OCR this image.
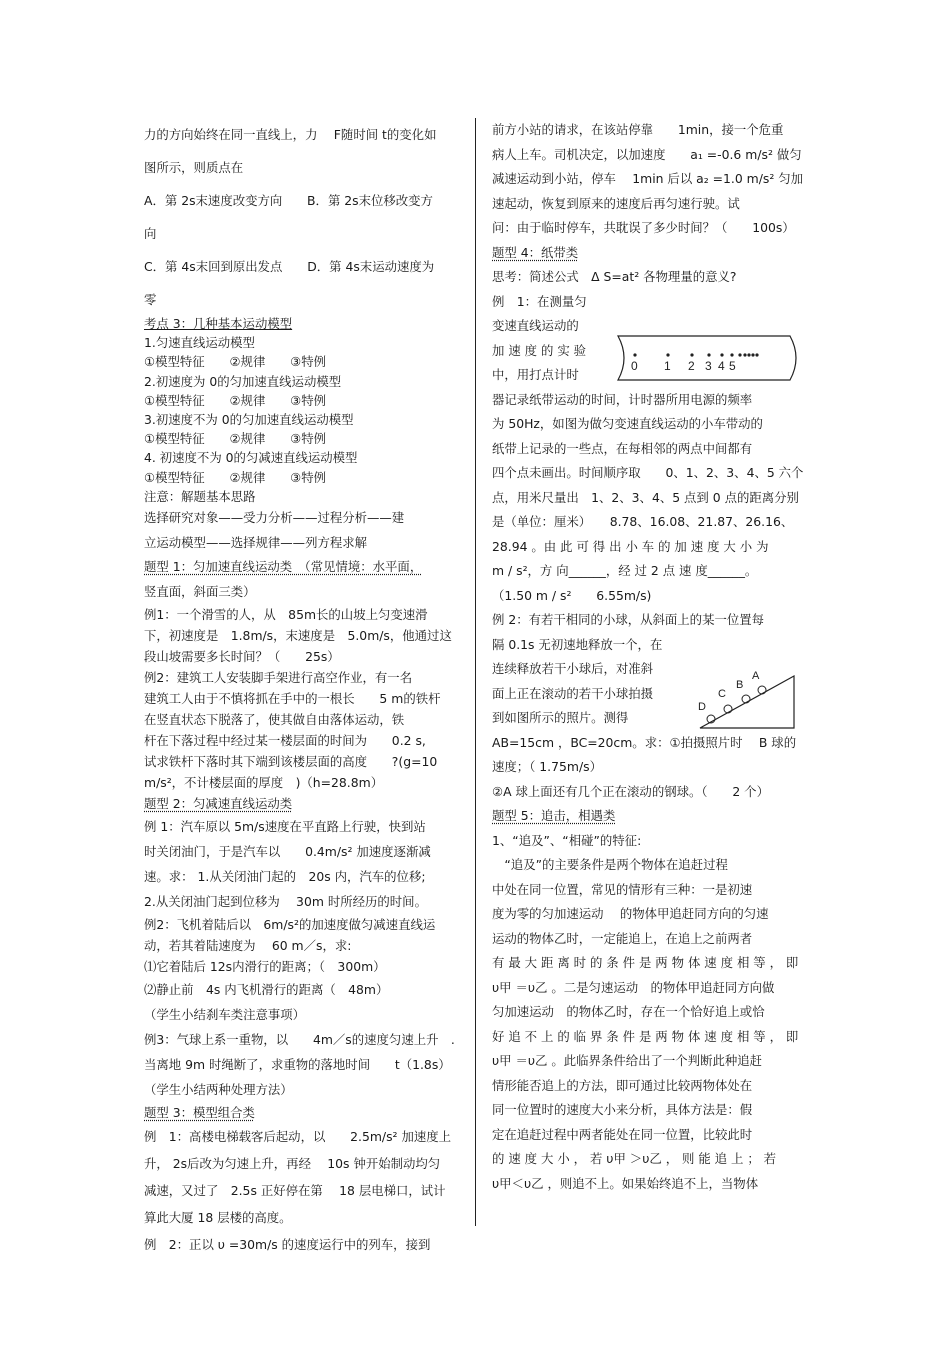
力的方向始终在同一直线上，力　 F随时间 t的变化如

图所示，则质点在

A．第 2s末速度改变方向　　B．第 2s末位移改变方

向

C．第 4s末回到原出发点　　D．第 4s末运动速度为

零

考点 3：几种基本运动模型

1.匀速直线运动模型

①模型特征　　②规律　　③特例

2.初速度为 0的匀加速直线运动模型

①模型特征　　②规律　　③特例

3.初速度不为 0的匀加速直线运动模型

①模型特征　　②规律　　③特例

4. 初速度不为 0的匀减速直线运动模型

①模型特征　　②规律　　③特例

注意：解题基本思路

选择研究对象——受力分析——过程分析——建

立运动模型——选择规律——列方程求解

题型 1：匀加速直线运动类　（常见情境：水平面，

竖直面，斜面三类）

例1：一个滑雪的人，从　85m长的山坡上匀变速滑

下，初速度是　1.8m/s，末速度是　5.0m/s，他通过这

段山坡需要多长时间？（　　25s）

例2：建筑工人安装脚手架进行高空作业，有一名

建筑工人由于不慎将抓在手中的一根长　　5 m的铁杆

在竖直状态下脱落了，使其做自由落体运动，铁

杆在下落过程中经过某一楼层面的时间为　　0.2 s,

试求铁杆下落时其下端到该楼层面的高度　　?(g=10

m/s²，不计楼层面的厚度　)（h=28.8m）

题型 2：匀减速直线运动类

例 1：汽车原以 5m/s速度在平直路上行驶，快到站

时关闭油门，于是汽车以　　0.4m/s² 加速度逐渐减

速。求： 1.从关闭油门起的　20s 内，汽车的位移;

2.从关闭油门起到位移为　 30m 时所经历的时间。

例2：飞机着陆后以　6m/s²的加速度做匀减速直线运

动，若其着陆速度为　 60 m／s，求:

⑴它着陆后 12s内滑行的距离；（　300m）

⑵静止前　4s 内飞机滑行的距离（　48m）

（学生小结刹车类注意事项）

例3：气球上系一重物，以　　4m／s的速度匀速上升　.

当离地 9m 时绳断了，求重物的落地时间　　t（1.8s）

（学生小结两种处理方法）

题型 3：模型组合类

例　1：高楼电梯载客后起动，以　　2.5m/s² 加速度上

升， 2s后改为匀速上升，再经　 10s 钟开始制动均匀

减速，又过了　2.5s 正好停在第　 18 层电梯口，试计

算此大厦 18 层楼的高度。

例　2：正以 υ =30m/s 的速度运行中的列车，接到

前方小站的请求，在该站停靠　　1min，接一个危重

病人上车。司机决定，以加速度　　a₁ =-0.6 m/s² 做匀

减速运动到小站，停车　 1min 后以 a₂ =1.0 m/s² 匀加

速起动，恢复到原来的速度后再匀速行驶。试

问：由于临时停车，共耽误了多少时间？（　　100s）

题型 4：纸带类

思考：简述公式　Δ S=at² 各物理量的意义?

例　1：在测量匀

变速直线运动的

加 速 度 的 实 验

中，用打点计时

器记录纸带运动的时间，计时器所用电源的频率

为 50Hz，如图为做匀变速直线运动的小车带动的

纸带上记录的一些点，在每相邻的两点中间都有

四个点未画出。时间顺序取　　0、1、2、3、4、5 六个

点，用米尺量出　1、2、3、4、5 点到 0 点的距离分别

是（单位：厘米）　　8.78、16.08、21.87、26.16、

28.94 。由 此 可 得 出 小 车 的 加 速 度 大 小 为

m / s²，方 向______，经 过 2 点 速 度______。

（1.50 m / s²　　6.55m/s)

例 2：有若干相同的小球，从斜面上的某一位置每

隔 0.1s 无初速地释放一个，在

连续释放若干小球后，对准斜

面上正在滚动的若干小球拍摄

到如图所示的照片。测得

AB=15cm ，BC=20cm。求：①拍摄照片时　 B 球的

速度；（ 1.75m/s）

②A 球上面还有几个正在滚动的钢球。（　　2 个）

题型 5：追击，相遇类

1、“追及”、“相碰”的特征:

　“追及”的主要条件是两个物体在追赶过程

中处在同一位置，常见的情形有三种：一是初速

度为零的匀加速运动　 的物体甲追赶同方向的匀速

运动的物体乙时，一定能追上，在追上之前两者

有 最 大 距 离 时 的 条 件 是 两 物 体 速 度 相 等 ， 即

υ甲 ＝υ乙 。二是匀速运动　的物体甲追赶同方向做

匀加速运动　的物体乙时，存在一个恰好追上或恰

好 追 不 上 的 临 界 条 件 是 两 物 体 速 度 相 等 ， 即

υ甲 ＝υ乙 。此临界条件给出了一个判断此种追赶

情形能否追上的方法，即可通过比较两物体处在

同一位置时的速度大小来分析，具体方法是：假

定在追赶过程中两者能处在同一位置，比较此时

的 速 度 大 小 ， 若 υ甲 ＞υ乙 ， 则 能 追 上 ； 若

υ甲＜υ乙 ，则追不上。如果始终追不上，当物体

0 1 2 3 4 5
A
B
C
D
